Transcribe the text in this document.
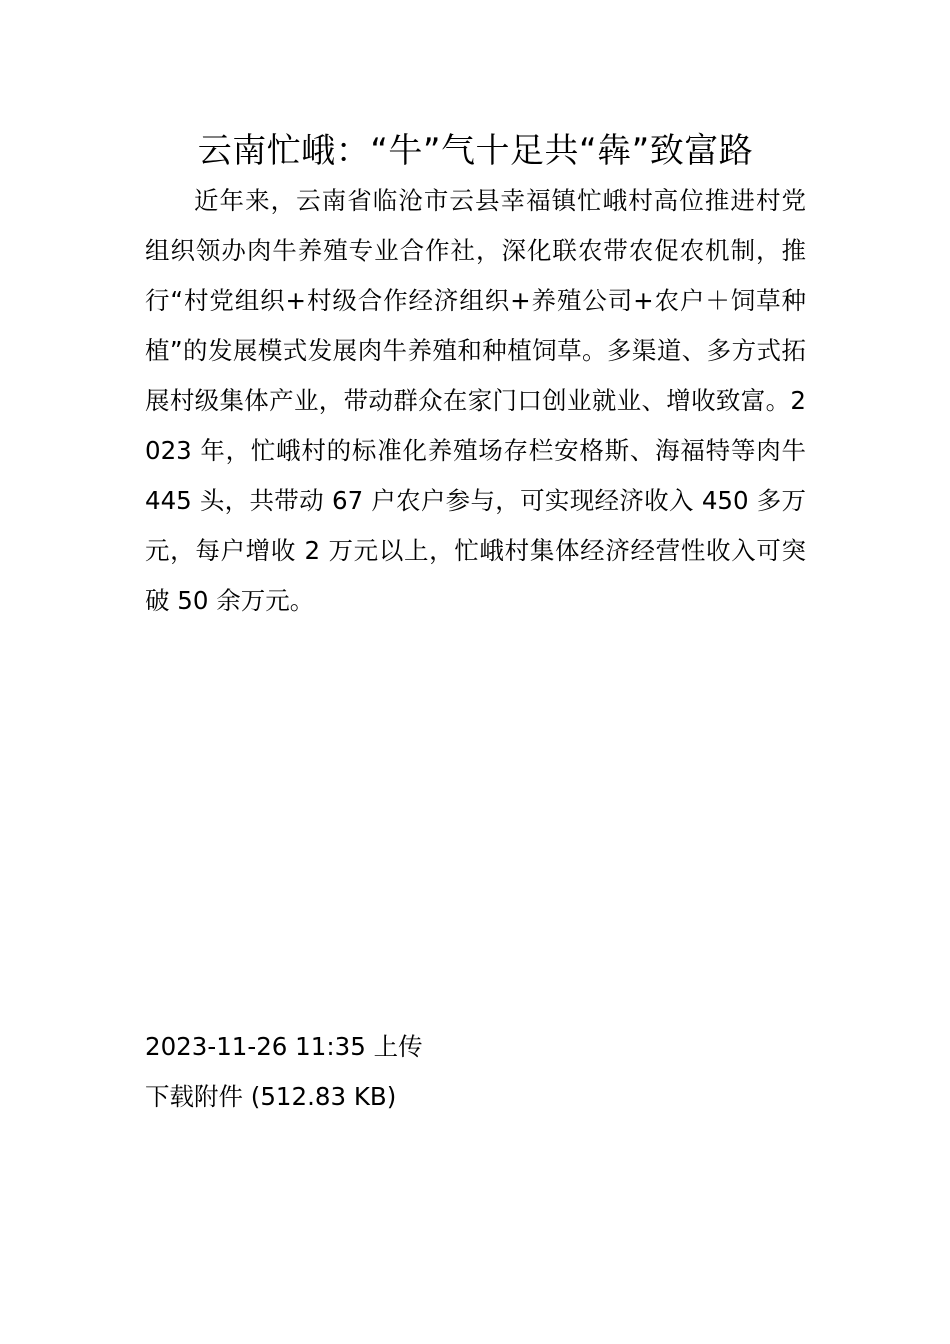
云南忙峨：“牛”气十足共“犇”致富路

近年来，云南省临沧市云县幸福镇忙峨村高位推进村党组织领办肉牛养殖专业合作社，深化联农带农促农机制，推行“村党组织+村级合作经济组织+养殖公司+农户＋饲草种植”的发展模式发展肉牛养殖和种植饲草。多渠道、多方式拓展村级集体产业，带动群众在家门口创业就业、增收致富。2023 年，忙峨村的标准化养殖场存栏安格斯、海福特等肉牛 445 头，共带动 67 户农户参与，可实现经济收入 450 多万元，每户增收 2 万元以上，忙峨村集体经济经营性收入可突破 50 余万元。

2023-11-26 11:35 上传
下载附件 (512.83 KB)
